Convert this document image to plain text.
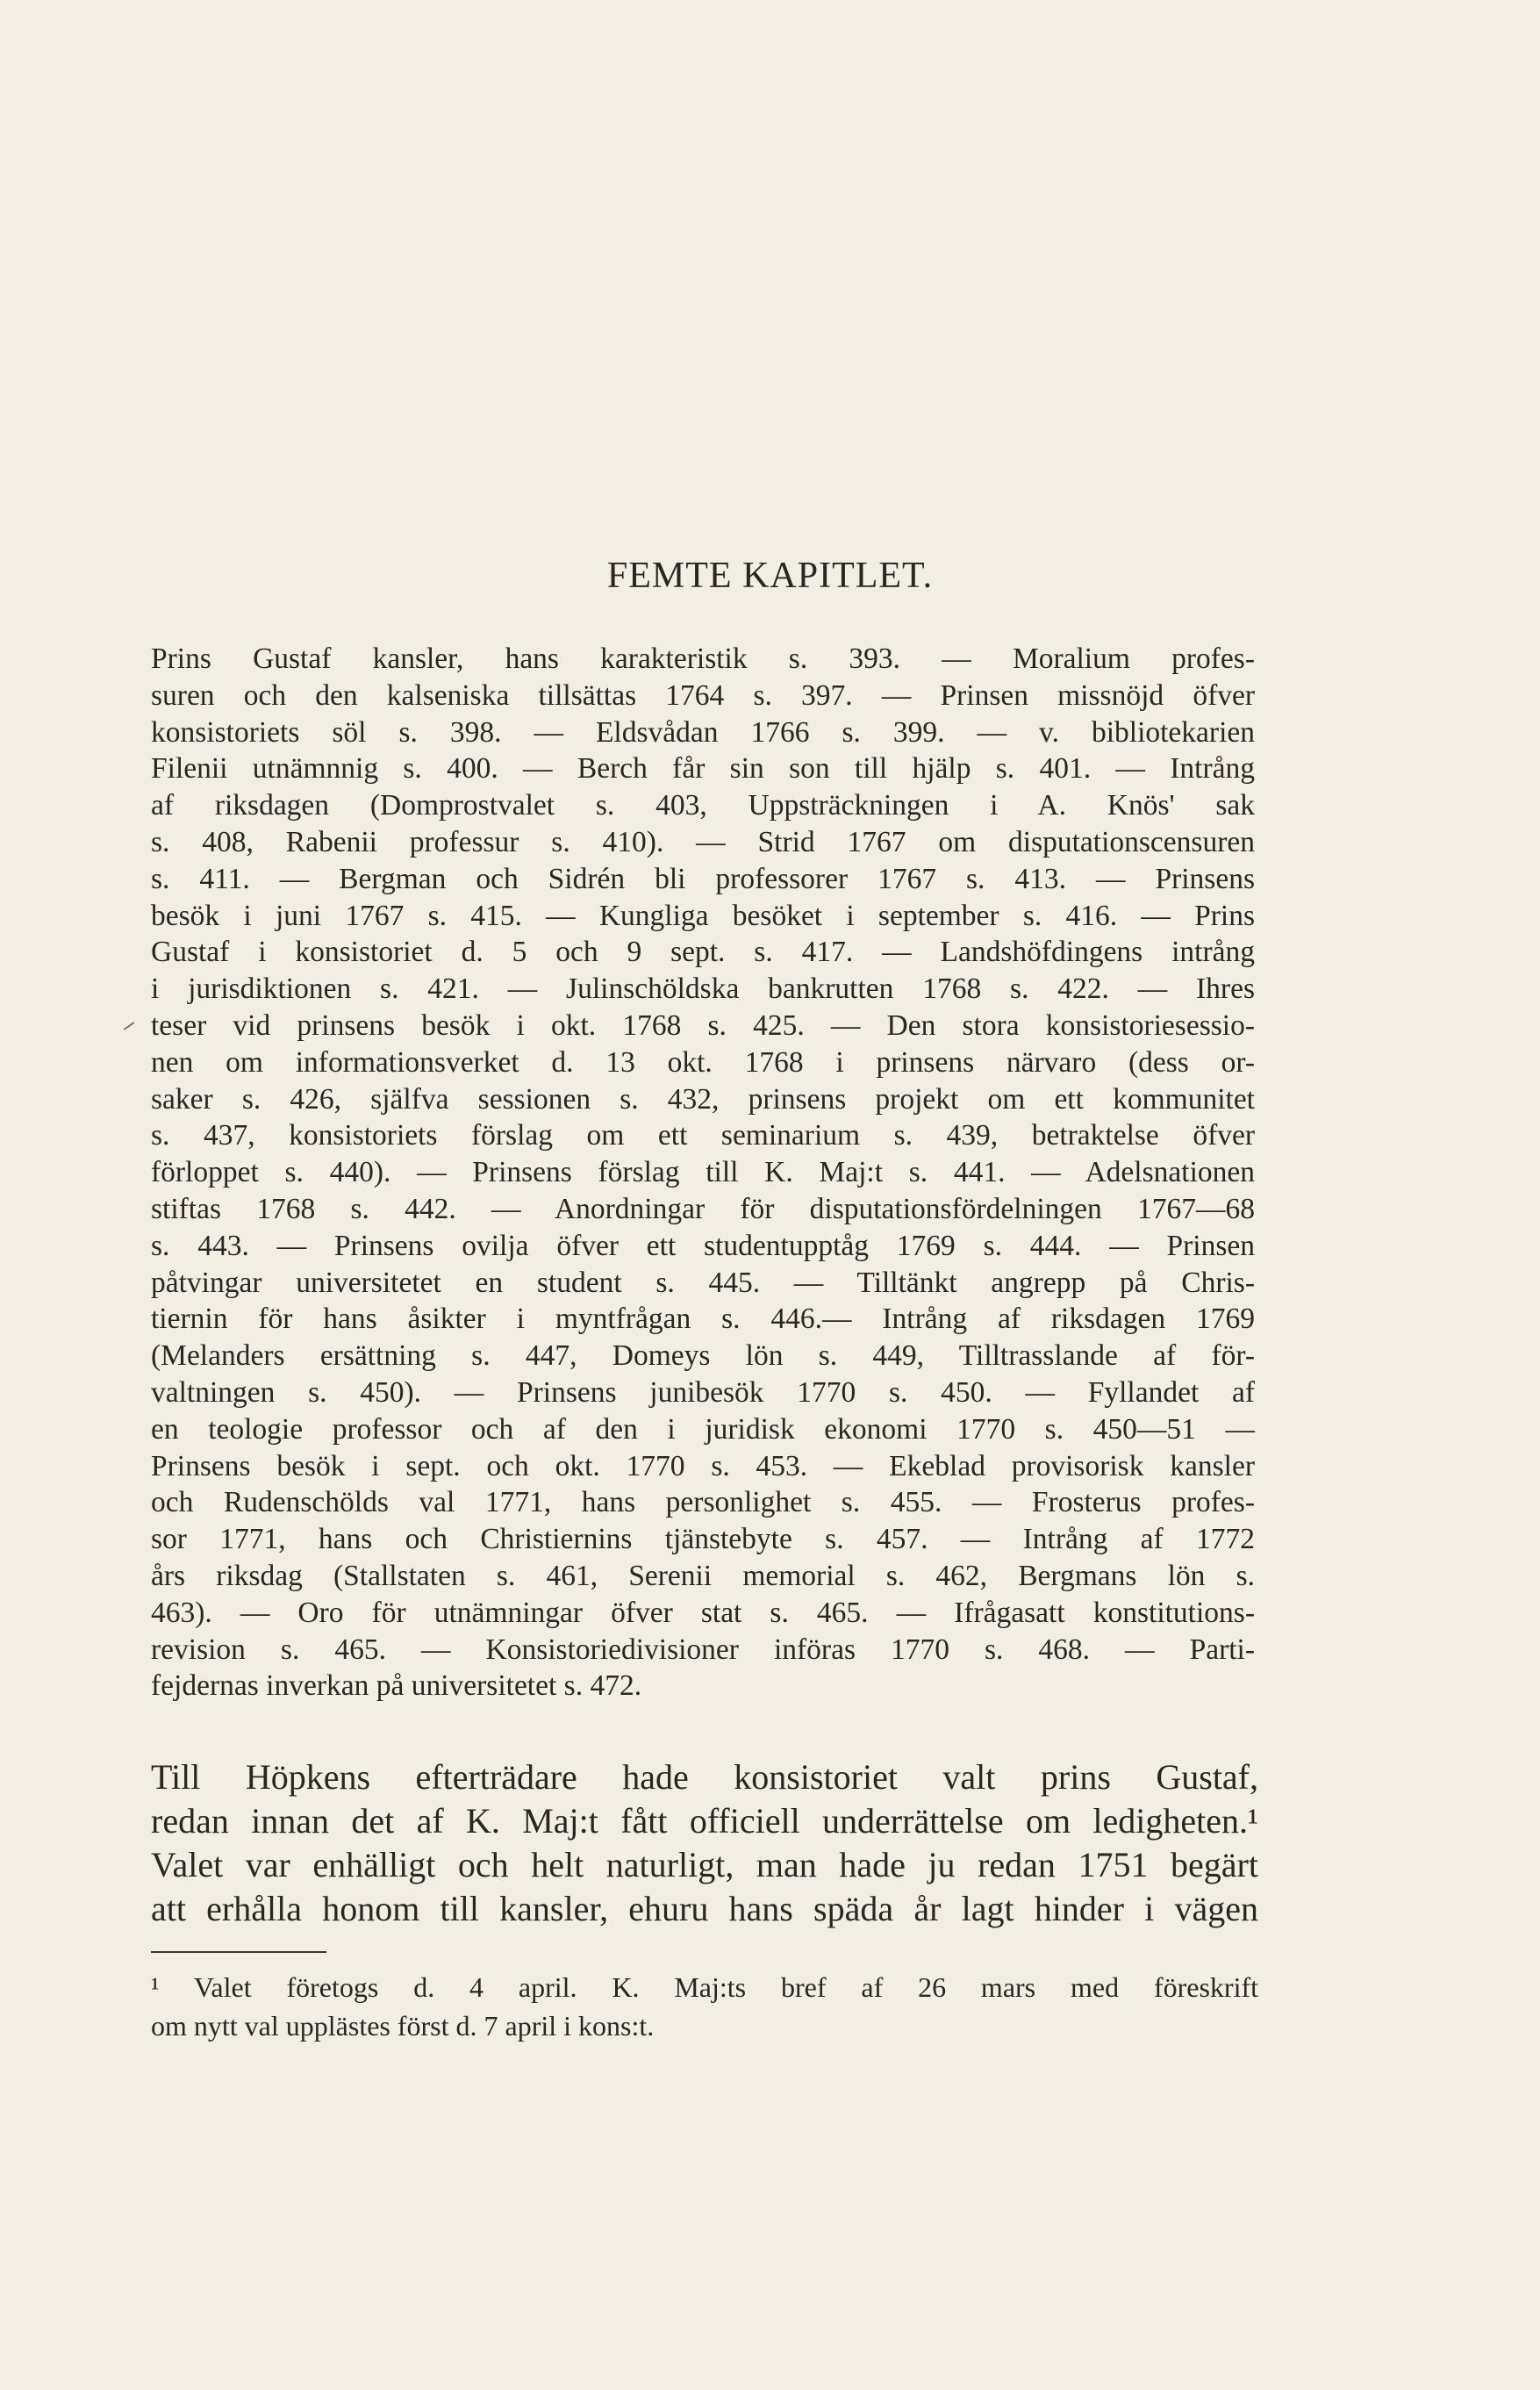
FEMTE KAPITLET.
Prins Gustaf kansler, hans karakteristik s. 393. — Moralium profes-
suren och den kalseniska tillsättas 1764 s. 397. — Prinsen missnöjd öfver
konsistoriets söl s. 398. — Eldsvådan 1766 s. 399. — v. bibliotekarien
Filenii utnämnnig s. 400. — Berch får sin son till hjälp s. 401. — Intrång
af riksdagen (Domprostvalet s. 403, Uppsträckningen i A. Knös' sak
s. 408, Rabenii professur s. 410). — Strid 1767 om disputationscensuren
s. 411. — Bergman och Sidrén bli professorer 1767 s. 413. — Prinsens
besök i juni 1767 s. 415. — Kungliga besöket i september s. 416. — Prins
Gustaf i konsistoriet d. 5 och 9 sept. s. 417. — Landshöfdingens intrång
i jurisdiktionen s. 421. — Julinschöldska bankrutten 1768 s. 422. — Ihres
teser vid prinsens besök i okt. 1768 s. 425. — Den stora konsistoriesessio-
nen om informationsverket d. 13 okt. 1768 i prinsens närvaro (dess or-
saker s. 426, själfva sessionen s. 432, prinsens projekt om ett kommunitet
s. 437, konsistoriets förslag om ett seminarium s. 439, betraktelse öfver
förloppet s. 440). — Prinsens förslag till K. Maj:t s. 441. — Adelsnationen
stiftas 1768 s. 442. — Anordningar för disputationsfördelningen 1767—68
s. 443. — Prinsens ovilja öfver ett studentupptåg 1769 s. 444. — Prinsen
påtvingar universitetet en student s. 445. — Tilltänkt angrepp på Chris-
tiernin för hans åsikter i myntfrågan s. 446.— Intrång af riksdagen 1769
(Melanders ersättning s. 447, Domeys lön s. 449, Tilltrasslande af för-
valtningen s. 450). — Prinsens junibesök 1770 s. 450. — Fyllandet af
en teologie professor och af den i juridisk ekonomi 1770 s. 450—51 —
Prinsens besök i sept. och okt. 1770 s. 453. — Ekeblad provisorisk kansler
och Rudenschölds val 1771, hans personlighet s. 455. — Frosterus profes-
sor 1771, hans och Christiernins tjänstebyte s. 457. — Intrång af 1772
års riksdag (Stallstaten s. 461, Serenii memorial s. 462, Bergmans lön s.
463). — Oro för utnämningar öfver stat s. 465. — Ifrågasatt konstitutions-
revision s. 465. — Konsistoriedivisioner införas 1770 s. 468. — Parti-
fejdernas inverkan på universitetet s. 472.
Till Höpkens efterträdare hade konsistoriet valt prins Gustaf,
redan innan det af K. Maj:t fått officiell underrättelse om ledigheten.¹
Valet var enhälligt och helt naturligt, man hade ju redan 1751 begärt
att erhålla honom till kansler, ehuru hans späda år lagt hinder i vägen
¹ Valet företogs d. 4 april. K. Maj:ts bref af 26 mars med föreskrift
om nytt val upplästes först d. 7 april i kons:t.
